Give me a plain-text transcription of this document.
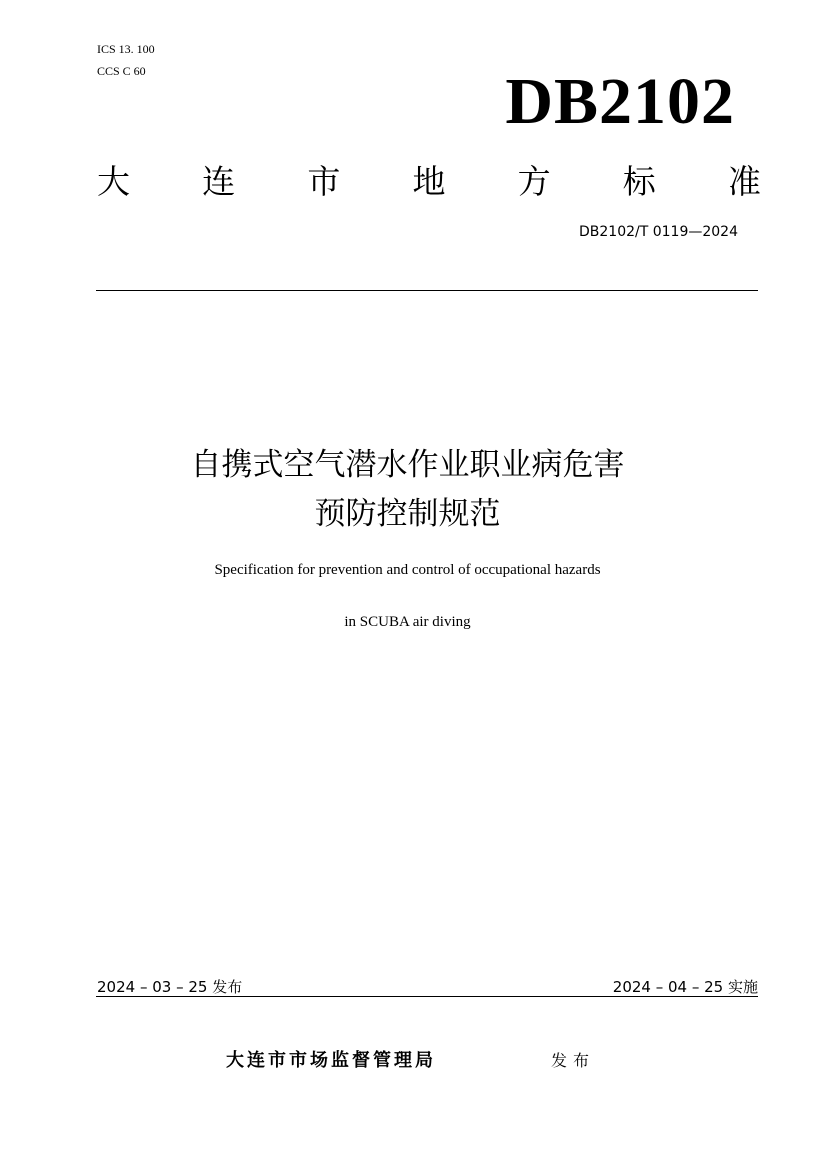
ICS 13. 100
CCS C 60	DB2102
大 连 市 地 方 标 准
DB2102/T 0119—2024
自携式空气潜水作业职业病危害
预防控制规范
Specification for prevention and control of occupational hazards
in SCUBA air diving
2024 – 03 – 25 发布	2024 – 04 – 25 实施
大连市市场监督管理局	发布
